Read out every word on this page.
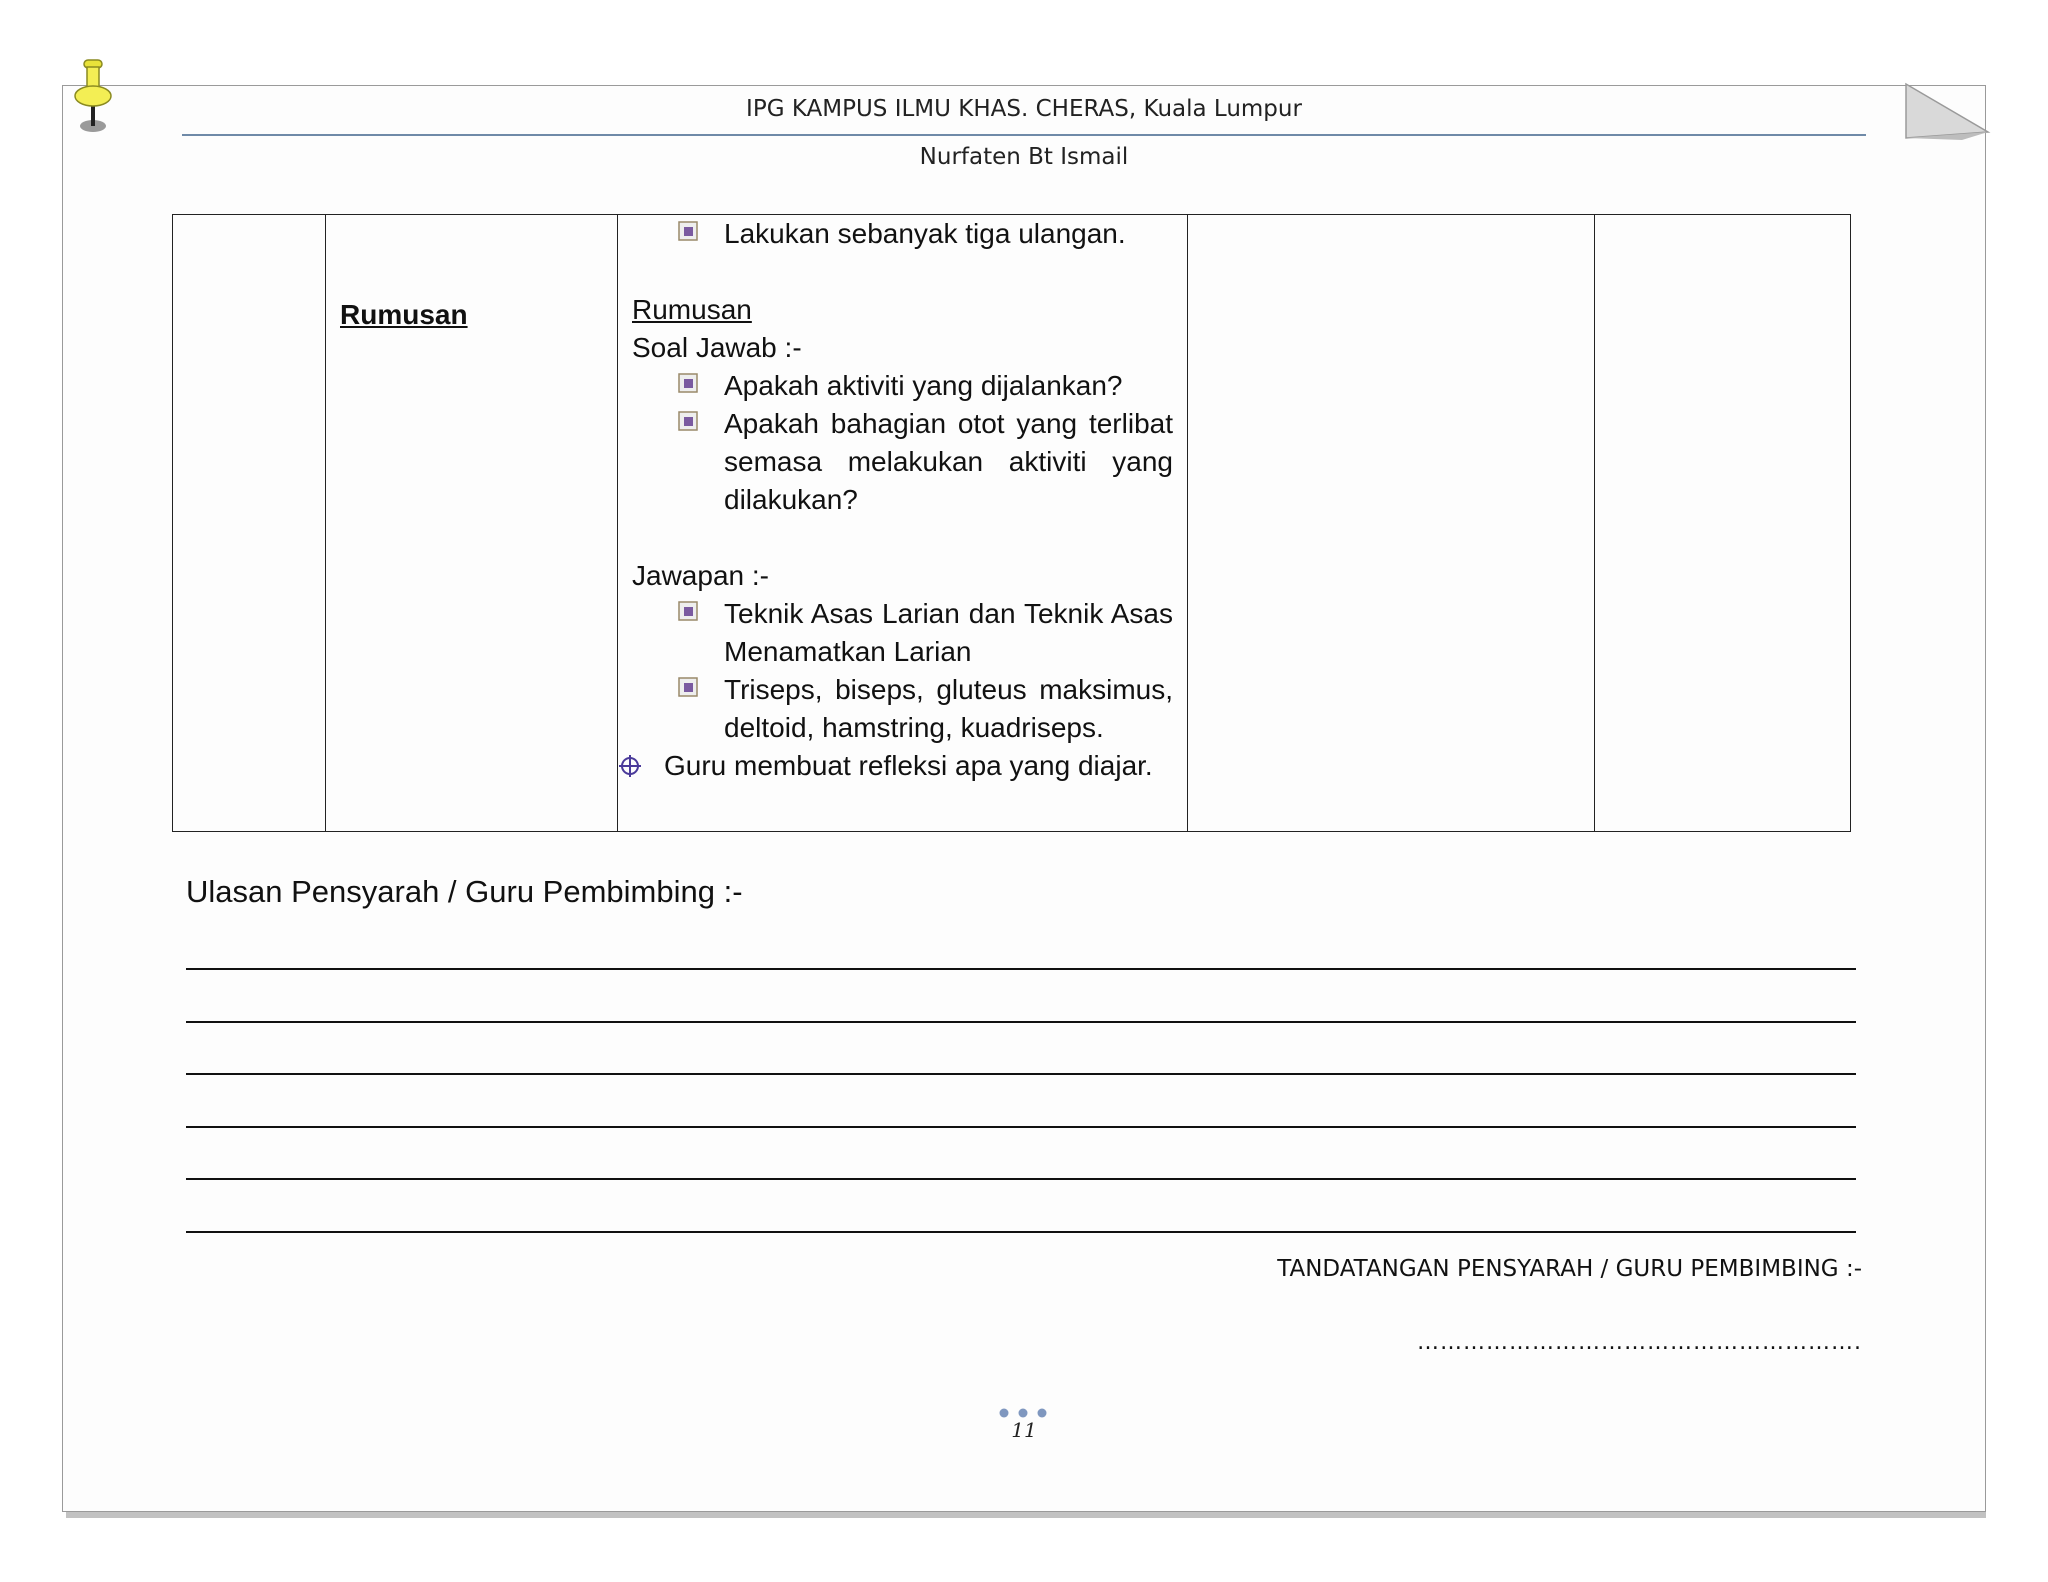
IPG KAMPUS ILMU KHAS. CHERAS, Kuala Lumpur
Nurfaten Bt Ismail
	Rumusan	
Lakukan sebanyak tiga ulangan.
Rumusan
Soal Jawab :-
Apakah aktiviti yang dijalankan?
Apakah bahagian otot yang terlibat semasa melakukan aktiviti yang dilakukan?
Jawapan :-
Teknik Asas Larian dan Teknik Asas Menamatkan Larian
Triseps, biseps, gluteus maksimus, deltoid, hamstring, kuadriseps.
Guru membuat refleksi apa yang diajar.

Ulasan Pensyarah / Guru Pembimbing :-
TANDATANGAN PENSYARAH / GURU PEMBIMBING :-
………………………………………………….
11
